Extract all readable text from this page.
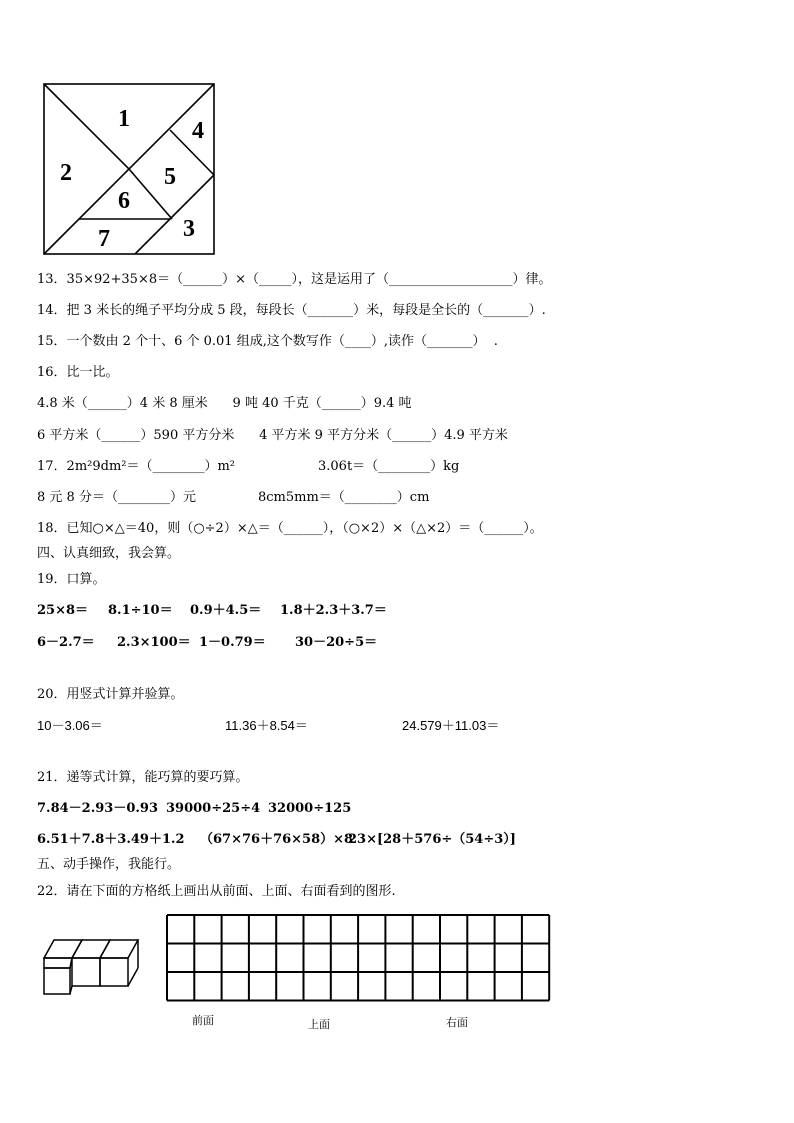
1
2
3
4
5
6
7
13．35×92+35×8＝（______）×（_____），这是运用了（___________________）律。
14．把 3 米长的绳子平均分成 5 段，每段长（_______）米，每段是全长的（_______）.
15．一个数由 2 个十、6 个 0.01 组成,这个数写作（____）,读作（_______）  .
16．比一比。
4.8 米（______）4 米 8 厘米      9 吨 40 千克（______）9.4 吨
6 平方米（______）590 平方分米      4 平方米 9 平方分米（______）4.9 平方米
17．2m²9dm²＝（________）m²	3.06t＝（________）kg
8 元 8 分＝（________）元	8cm5mm＝（________）cm
18．已知○×△＝40，则（○÷2）×△＝（______），（○×2）×（△×2）＝（______）。
四、认真细致，我会算。
19．口算。
25×8＝ 8.1÷10＝ 0.9＋4.5＝ 1.8＋2.3＋3.7＝
6－2.7＝ 2.3×100＝ 1－0.79＝ 30－20÷5＝
20．用竖式计算并验算。
10－3.06＝	11.36＋8.54＝	24.579＋11.03＝
21．递等式计算，能巧算的要巧算。
7.84－2.93－0.93 39000÷25÷4 32000÷125
6.51＋7.8＋3.49＋1.2 （67×76＋76×58）×8
23×[28＋576÷（54÷3）]
五、动手操作，我能行。
22．请在下面的方格纸上画出从前面、上面、右面看到的图形.
前面	上面	右面
